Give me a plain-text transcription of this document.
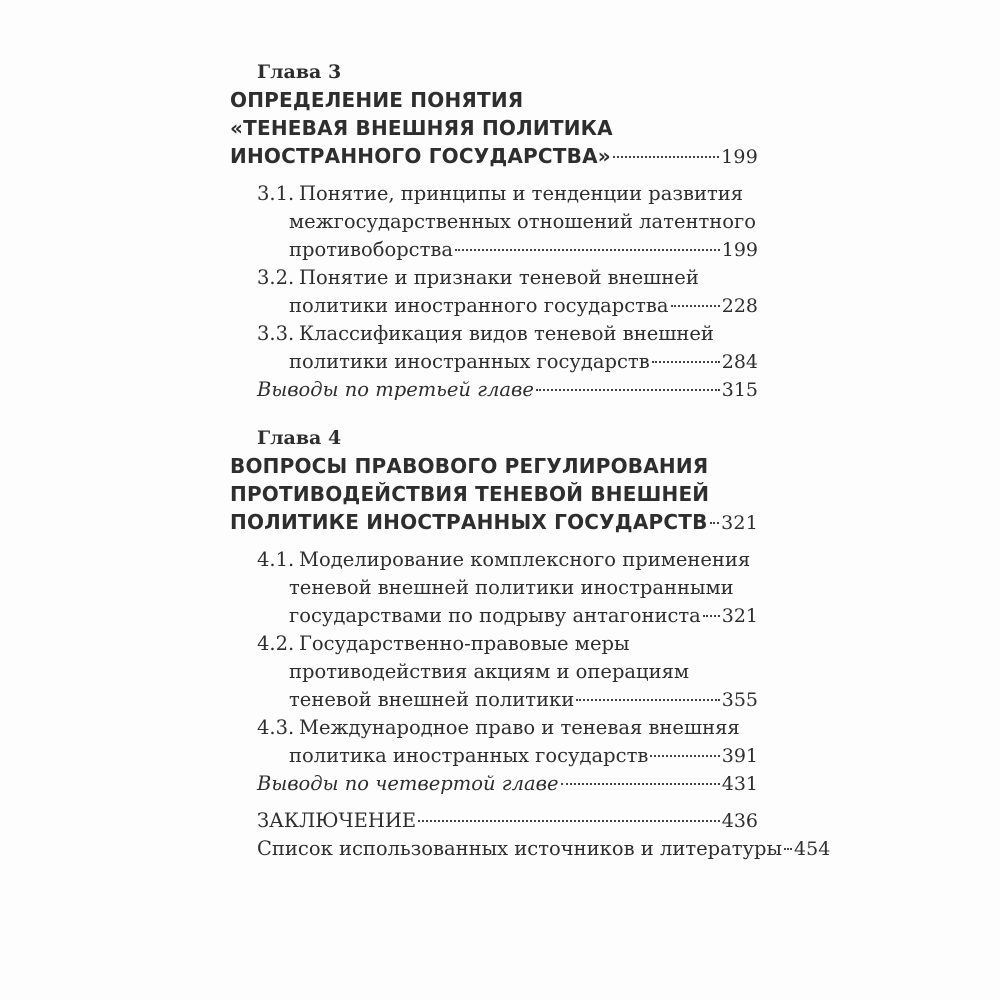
Глава 3
ОПРЕДЕЛЕНИЕ ПОНЯТИЯ
«ТЕНЕВАЯ ВНЕШНЯЯ ПОЛИТИКА
ИНОСТРАННОГО ГОСУДАРСТВА»	199
3.1. Понятие, принципы и тенденции развития
межгосударственных отношений латентного
противоборства	199
3.2. Понятие и признаки теневой внешней
политики иностранного государства	228
3.3. Классификация видов теневой внешней
политики иностранных государств	284
Выводы по третьей главе	315
Глава 4
ВОПРОСЫ ПРАВОВОГО РЕГУЛИРОВАНИЯ
ПРОТИВОДЕЙСТВИЯ ТЕНЕВОЙ ВНЕШНЕЙ
ПОЛИТИКЕ ИНОСТРАННЫХ ГОСУДАРСТВ 321
4.1. Моделирование комплексного применения
теневой внешней политики иностранными
государствами по подрыву антагониста 321
4.2. Государственно-правовые меры
противодействия акциям и операциям
теневой внешней политики	355
4.3. Международное право и теневая внешняя
политика иностранных государств	391
Выводы по четвертой главе	431
ЗАКЛЮЧЕНИЕ	436
Список использованных источников и литературы 454
